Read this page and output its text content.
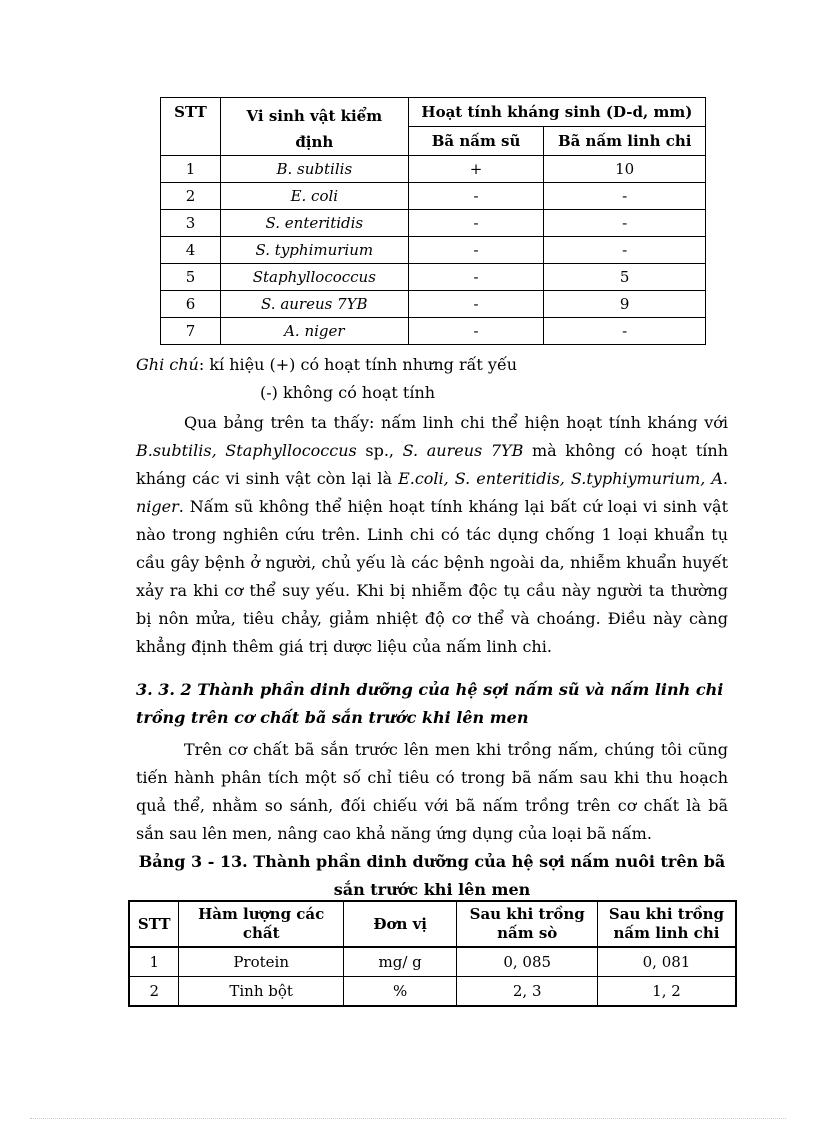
STT	Vi sinh vật kiểm định	Hoạt tính kháng sinh (D-d, mm)	
		Bã nấm sũ	Bã nấm linh chi
1	B. subtilis	+	10
2	E. coli	-	-
3	S. enteritidis	-	-
4	S. typhimurium	-	-
5	Staphyllococcus	-	5
6	S. aureus 7YB	-	9
7	A. niger	-	-
Ghi chú: kí hiệu (+) có hoạt tính nhưng rất yếu
(-) không có hoạt tính
Qua bảng trên ta thấy: nấm linh chi thể hiện hoạt tính kháng với B.subtilis, Staphyllococcus sp., S. aureus 7YB mà không có hoạt tính kháng các vi sinh vật còn lại là E.coli, S. enteritidis, S.typhiymurium, A. niger. Nấm sũ không thể hiện hoạt tính kháng lại bất cứ loại vi sinh vật nào trong nghiên cứu trên. Linh chi có tác dụng chống 1 loại khuẩn tụ cầu gây bệnh ở người, chủ yếu là các bệnh ngoài da, nhiễm khuẩn huyết xảy ra khi cơ thể suy yếu. Khi bị nhiễm độc tụ cầu này người ta thường bị nôn mửa, tiêu chảy, giảm nhiệt độ cơ thể và choáng. Điều này càng khẳng định thêm giá trị dược liệu của nấm linh chi.
3. 3. 2 Thành phần dinh dưỡng của hệ sợi nấm sũ và nấm linh chi trồng trên cơ chất bã sắn trước khi lên men
Trên cơ chất bã sắn trước lên men khi trồng nấm, chúng tôi cũng tiến hành phân tích một số chỉ tiêu có trong bã nấm sau khi thu hoạch quả thể, nhằm so sánh, đối chiếu với bã nấm trồng trên cơ chất là bã sắn sau lên men, nâng cao khả năng ứng dụng của loại bã nấm.
Bảng 3 - 13. Thành phần dinh dưỡng của hệ sợi nấm nuôi trên bã sắn trước khi lên men
STT	Hàm lượng các chất	Đơn vị	Sau khi trồng nấm sò	Sau khi trồng nấm linh chi
1	Protein	mg/ g	0, 085	0, 081
2	Tinh bột	%	2, 3	1, 2
